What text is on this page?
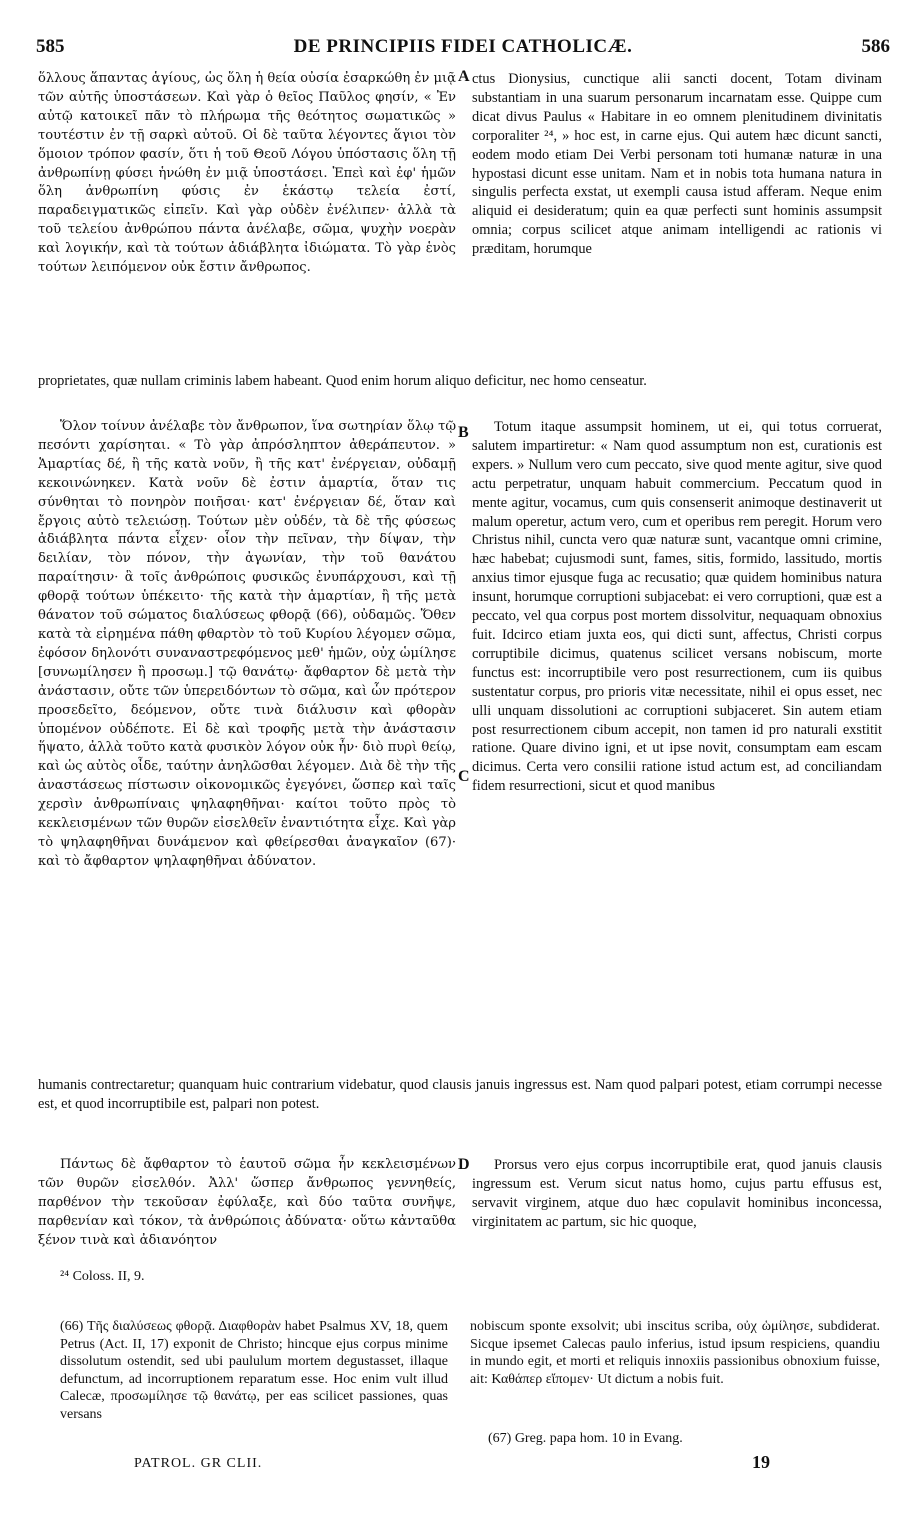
585	DE PRINCIPIIS FIDEI CATHOLICÆ.	586

ὅλλους ἅπαντας ἁγίους, ὡς ὅλη ἡ θεία οὐσία ἐσαρκώθη ἐν μιᾷ τῶν αὐτῆς ὑποστάσεων. Καὶ γὰρ ὁ θεῖος Παῦλος φησίν, « Ἐν αὐτῷ κατοικεῖ πᾶν τὸ πλήρωμα τῆς θεότητος σωματικῶς » τουτέστιν ἐν τῇ σαρκὶ αὐτοῦ. Οἱ δὲ ταῦτα λέγοντες ἅγιοι τὸν ὅμοιον τρόπον φασίν, ὅτι ἡ τοῦ Θεοῦ Λόγου ὑπόστασις ὅλη τῇ ἀνθρωπίνῃ φύσει ἡνώθη ἐν μιᾷ ὑποστάσει. Ἐπεὶ καὶ ἐφ' ἡμῶν ὅλη ἀνθρωπίνη φύσις ἐν ἑκάστῳ τελεία ἐστί, παραδειγματικῶς εἰπεῖν. Καὶ γὰρ οὐδὲν ἐνέλιπεν· ἀλλὰ τὰ τοῦ τελείου ἀνθρώπου πάντα ἀνέλαβε, σῶμα, ψυχὴν νοερὰν καὶ λογικήν, καὶ τὰ τούτων ἀδιάβλητα ἰδιώματα. Τὸ γὰρ ἑνὸς τούτων λειπόμενον οὐκ ἔστιν ἄνθρωπος.

A ctus Dionysius, cunctique alii sancti docent, Totam divinam substantiam in una suarum personarum incarnatam esse. Quippe cum dicat divus Paulus « Habitare in eo omnem plenitudinem divinitatis corporaliter ²⁴, » hoc est, in carne ejus. Qui autem hæc dicunt sancti, eodem modo etiam Dei Verbi personam toti humanæ naturæ in una hypostasi dicunt esse unitam. Nam et in nobis tota humana natura in singulis perfecta exstat, ut exempli causa istud afferam. Neque enim aliquid ei desideratum; quin ea quæ perfecti sunt hominis assumpsit omnia; corpus scilicet atque animam intelligendi ac rationis vi præditam, horumque

proprietates, quæ nullam criminis labem habeant. Quod enim horum aliquo deficitur, nec homo censeatur.

Ὅλον τοίνυν ἀνέλαβε τὸν ἄνθρωπον, ἵνα σωτηρίαν ὅλῳ τῷ πεσόντι χαρίσηται. « Τὸ γὰρ ἀπρόσληπτον ἀθεράπευτον. » Ἁμαρτίας δέ, ἢ τῆς κατὰ νοῦν, ἢ τῆς κατ' ἐνέργειαν, οὐδαμῇ κεκοινώνηκεν. Κατὰ νοῦν δὲ ἐστιν ἁμαρτία, ὅταν τις σύνθηται τὸ πονηρὸν ποιῆσαι· κατ' ἐνέργειαν δέ, ὅταν καὶ ἔργοις αὐτὸ τελειώσῃ. Τούτων μὲν οὐδέν, τὰ δὲ τῆς φύσεως ἀδιάβλητα πάντα εἶχεν· οἷον τὴν πεῖναν, τὴν δίψαν, τὴν δειλίαν, τὸν πόνον, τὴν ἀγωνίαν, τὴν τοῦ θανάτου παραίτησιν· ἃ τοῖς ἀνθρώποις φυσικῶς ἐνυπάρχουσι, καὶ τῇ φθορᾷ τούτων ὑπέκειτο· τῆς κατὰ τὴν ἁμαρτίαν, ἢ τῆς μετὰ θάνατον τοῦ σώματος διαλύσεως φθορᾷ (66), οὐδαμῶς. Ὅθεν κατὰ τὰ εἰρημένα πάθη φθαρτὸν τὸ τοῦ Κυρίου λέγομεν σῶμα, ἐφόσον δηλονότι συναναστρεφόμενος μεθ' ἡμῶν, οὐχ ὡμίλησε [συνωμίλησεν ἢ προσωμ.] τῷ θανάτῳ· ἄφθαρτον δὲ μετὰ τὴν ἀνάστασιν, οὔτε τῶν ὑπερειδόντων τὸ σῶμα, καὶ ὧν πρότερον προσεδεῖτο, δεόμενον, οὔτε τινὰ διάλυσιν καὶ φθορὰν ὑπομένον οὐδέποτε. Εἰ δὲ καὶ τροφῆς μετὰ τὴν ἀνάστασιν ἥψατο, ἀλλὰ τοῦτο κατὰ φυσικὸν λόγον οὐκ ἦν· διὸ πυρὶ θείῳ, καὶ ὡς αὐτὸς οἶδε, ταύτην ἀνηλῶσθαι λέγομεν. Διὰ δὲ τὴν τῆς ἀναστάσεως πίστωσιν οἰκονομικῶς ἐγεγόνει, ὥσπερ καὶ ταῖς χερσὶν ἀνθρωπίναις ψηλαφηθῆναι· καίτοι τοῦτο πρὸς τὸ κεκλεισμένων τῶν θυρῶν εἰσελθεῖν ἐναντιότητα εἶχε. Καὶ γὰρ τὸ ψηλαφηθῆναι δυνάμενον καὶ φθείρεσθαι ἀναγκαῖον (67)· καὶ τὸ ἄφθαρτον ψηλαφηθῆναι ἀδύνατον.

B
C

Totum itaque assumpsit hominem, ut ei, qui totus corruerat, salutem impartiretur: « Nam quod assumptum non est, curationis est expers. » Nullum vero cum peccato, sive quod mente agitur, sive quod actu perpetratur, unquam habuit commercium. Peccatum quod in mente agitur, vocamus, cum quis consenserit animoque destinaverit ut malum operetur, actum vero, cum et operibus rem peregit. Horum vero Christus nihil, cuncta vero quæ naturæ sunt, vacantque omni crimine, hæc habebat; cujusmodi sunt, fames, sitis, formido, lassitudo, mortis anxius timor ejusque fuga ac recusatio; quæ quidem hominibus natura insunt, horumque corruptioni subjacebat: ei vero corruptioni, quæ est a peccato, vel qua corpus post mortem dissolvitur, nequaquam obnoxius fuit. Idcirco etiam juxta eos, qui dicti sunt, affectus, Christi corpus corruptibile dicimus, quatenus scilicet versans nobiscum, morte functus est: incorruptibile vero post resurrectionem, cum iis quibus sustentatur corpus, pro prioris vitæ necessitate, nihil ei opus esset, nec ulli unquam dissolutioni ac corruptioni subjaceret. Sin autem etiam post resurrectionem cibum accepit, non tamen id pro naturali exstitit ratione. Quare divino igni, et ut ipse novit, consumptam eam escam dicimus. Certa vero consilii ratione istud actum est, ad conciliandam fidem resurrectioni, sicut et quod manibus

humanis contrectaretur; quanquam huic contrarium videbatur, quod clausis januis ingressus est. Nam quod palpari potest, etiam corrumpi necesse est, et quod incorruptibile est, palpari non potest.

Πάντως δὲ ἄφθαρτον τὸ ἑαυτοῦ σῶμα ἦν κεκλεισμένων τῶν θυρῶν εἰσελθόν. Ἀλλ' ὥσπερ ἄνθρωπος γεννηθείς, παρθένον τὴν τεκοῦσαν ἐφύλαξε, καὶ δύο ταῦτα συνῆψε, παρθενίαν καὶ τόκον, τὰ ἀνθρώποις ἀδύνατα· οὕτω κἀνταῦθα ξένον τινὰ καὶ ἀδιανόητον

D	Prorsus vero ejus corpus incorruptibile erat, quod januis clausis ingressum est. Verum sicut natus homo, cujus partu effusus est, servavit virginem, atque duo hæc copulavit hominibus inconcessa, virginitatem ac partum, sic hic quoque,

²⁴ Coloss. II, 9.
(66) Τῆς διαλύσεως φθορᾷ. Διαφθορὰν habet Psalmus XV, 18, quem Petrus (Act. II, 17) exponit de Christo; hincque ejus corpus minime dissolutum ostendit, sed ubi paululum mortem degustasset, illaque defunctum, ad incorruptionem reparatum esse. Hoc enim vult illud Calecæ, προσωμίλησε τῷ θανάτῳ, per eas scilicet passiones, quas versans
nobiscum sponte exsolvit; ubi inscitus scriba, οὐχ ὡμίλησε, subdiderat. Sicque ipsemet Calecas paulo inferius, istud ipsum respiciens, quandiu in mundo egit, et morti et reliquis innoxiis passionibus obnoxium fuisse, ait: Καθάπερ εἴπομεν· Ut dictum a nobis fuit.
(67) Greg. papa hom. 10 in Evang.
PATROL. GR CLII.	19
